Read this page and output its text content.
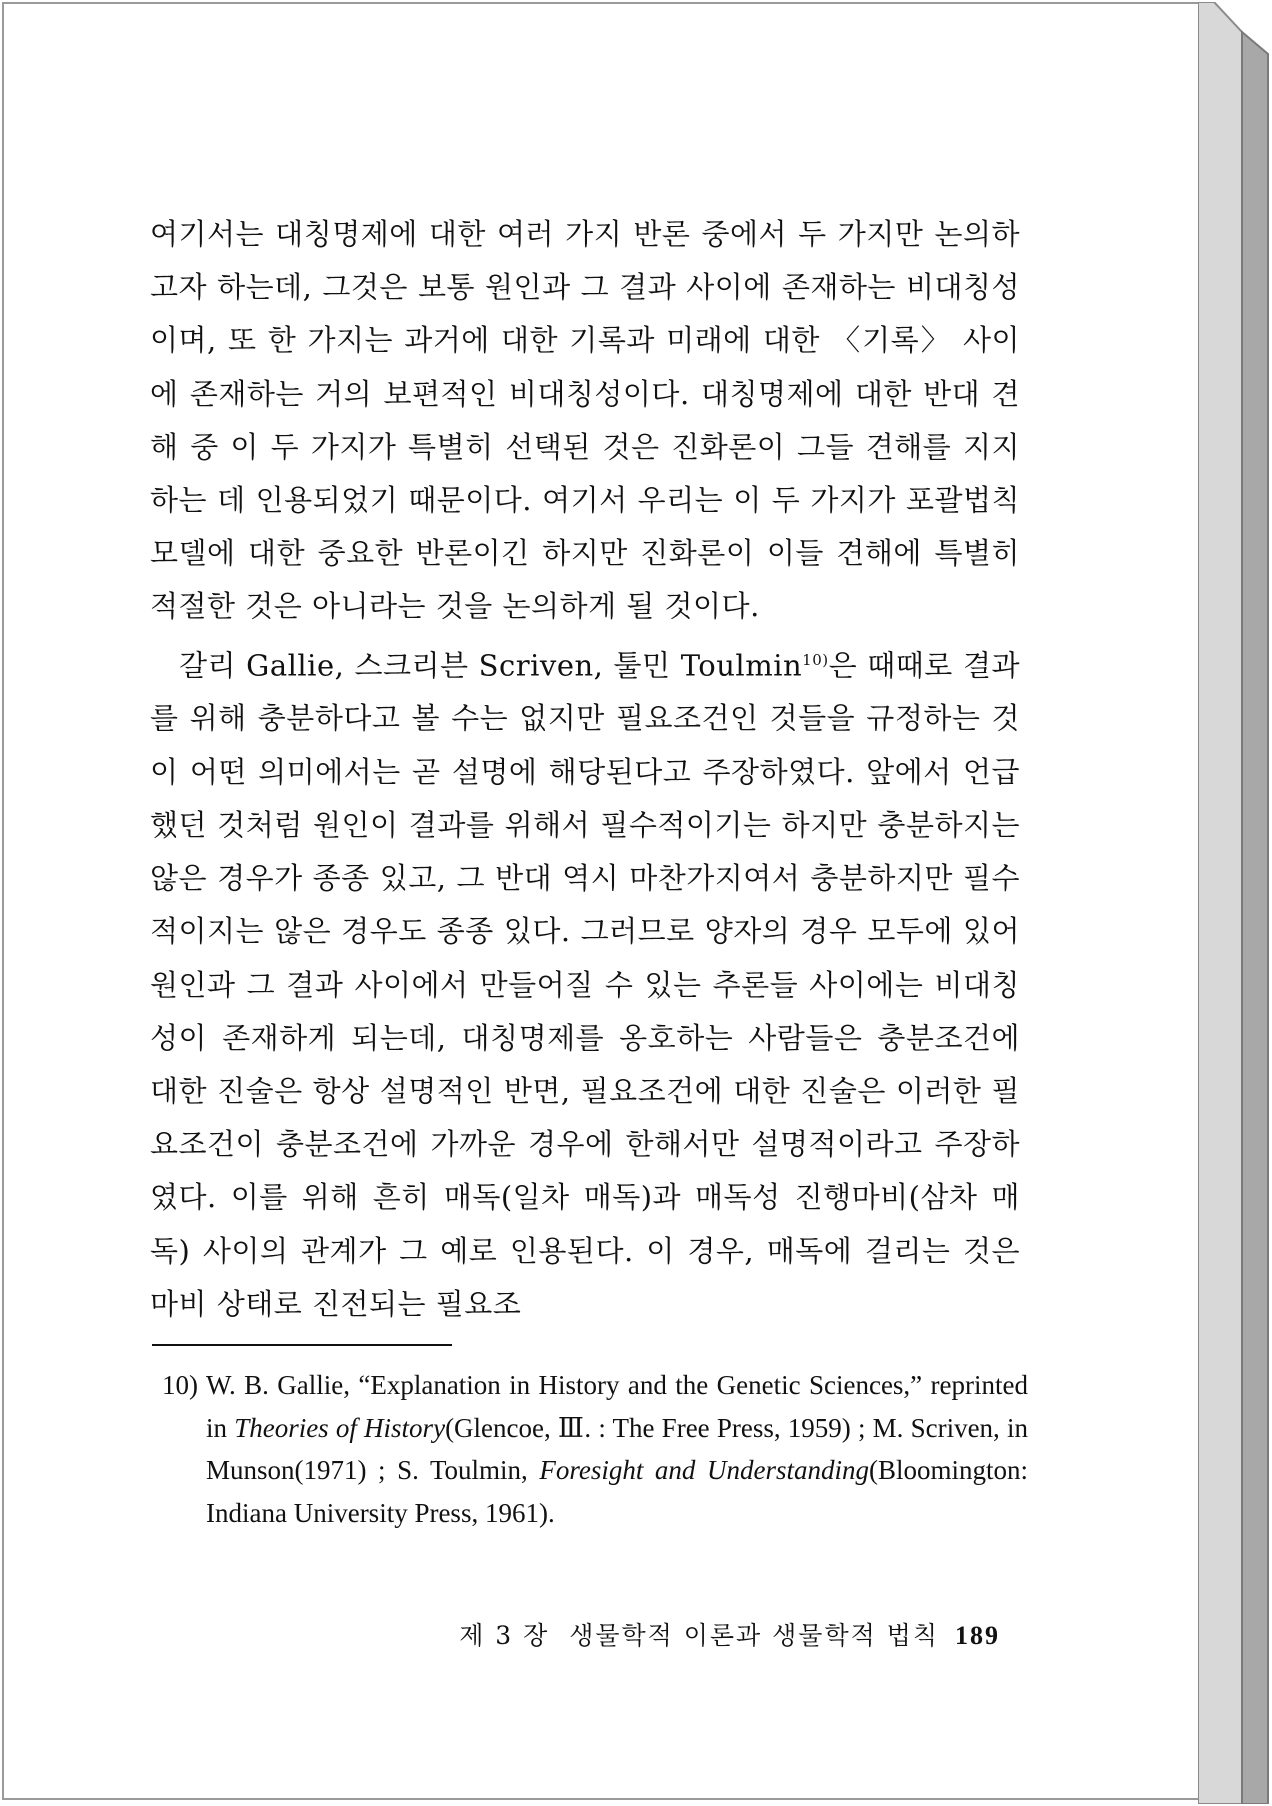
여기서는 대칭명제에 대한 여러 가지 반론 중에서 두 가지만 논의하고자 하는데, 그것은 보통 원인과 그 결과 사이에 존재하는 비대칭성이며, 또 한 가지는 과거에 대한 기록과 미래에 대한 〈기록〉 사이에 존재하는 거의 보편적인 비대칭성이다. 대칭명제에 대한 반대 견해 중 이 두 가지가 특별히 선택된 것은 진화론이 그들 견해를 지지하는 데 인용되었기 때문이다. 여기서 우리는 이 두 가지가 포괄법칙 모델에 대한 중요한 반론이긴 하지만 진화론이 이들 견해에 특별히 적절한 것은 아니라는 것을 논의하게 될 것이다.

갈리 Gallie, 스크리븐 Scriven, 툴민 Toulmin$^{10)}$은 때때로 결과를 위해 충분하다고 볼 수는 없지만 필요조건인 것들을 규정하는 것이 어떤 의미에서는 곧 설명에 해당된다고 주장하였다. 앞에서 언급했던 것처럼 원인이 결과를 위해서 필수적이기는 하지만 충분하지는 않은 경우가 종종 있고, 그 반대 역시 마찬가지여서 충분하지만 필수적이지는 않은 경우도 종종 있다. 그러므로 양자의 경우 모두에 있어 원인과 그 결과 사이에서 만들어질 수 있는 추론들 사이에는 비대칭성이 존재하게 되는데, 대칭명제를 옹호하는 사람들은 충분조건에 대한 진술은 항상 설명적인 반면, 필요조건에 대한 진술은 이러한 필요조건이 충분조건에 가까운 경우에 한해서만 설명적이라고 주장하였다. 이를 위해 흔히 매독(일차 매독)과 매독성 진행마비(삼차 매독) 사이의 관계가 그 예로 인용된다. 이 경우, 매독에 걸리는 것은 마비 상태로 진전되는 필요조

10) W. B. Gallie, “Explanation in History and the Genetic Sciences,” reprinted in Theories of History(Glencoe, Ⅲ. : The Free Press, 1959) ; M. Scriven, in Munson(1971) ; S. Toulmin, Foresight and Understanding(Bloomington: Indiana University Press, 1961).

제 3 장  생물학적 이론과 생물학적 법칙 189
